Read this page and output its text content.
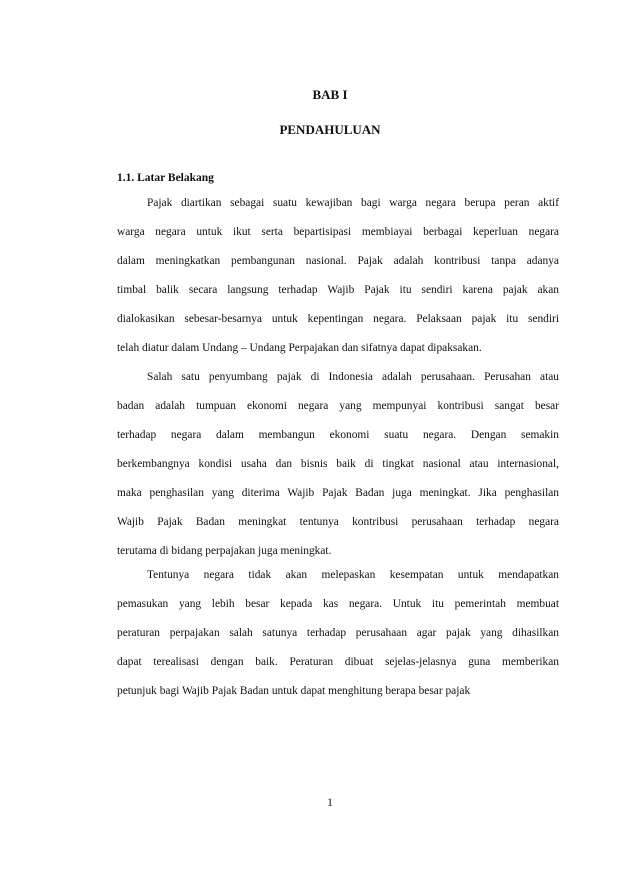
BAB I
PENDAHULUAN
1.1. Latar Belakang

Pajak diartikan sebagai suatu kewajiban bagi warga negara berupa peran aktif
warga negara untuk ikut serta bepartisipasi membiayai berbagai keperluan negara
dalam meningkatkan pembangunan nasional. Pajak adalah kontribusi tanpa adanya
timbal balik secara langsung terhadap Wajib Pajak itu sendiri karena pajak akan
dialokasikan sebesar-besarnya untuk kepentingan negara. Pelaksaan pajak itu sendiri
telah diatur dalam Undang – Undang Perpajakan dan sifatnya dapat dipaksakan.

Salah satu penyumbang pajak di Indonesia adalah perusahaan. Perusahan atau
badan adalah tumpuan ekonomi negara yang mempunyai kontribusi sangat besar
terhadap negara dalam membangun ekonomi suatu negara. Dengan semakin
berkembangnya kondisi usaha dan bisnis baik di tingkat nasional atau internasional,
maka penghasilan yang diterima Wajib Pajak Badan juga meningkat. Jika penghasilan
Wajib Pajak Badan meningkat tentunya kontribusi perusahaan terhadap negara
terutama di bidang perpajakan juga meningkat.

Tentunya negara tidak akan melepaskan kesempatan untuk mendapatkan
pemasukan yang lebih besar kepada kas negara. Untuk itu pemerintah membuat
peraturan perpajakan salah satunya terhadap perusahaan agar pajak yang dihasilkan
dapat terealisasi dengan baik. Peraturan dibuat sejelas-jelasnya guna memberikan
petunjuk bagi Wajib Pajak Badan untuk dapat menghitung berapa besar pajak

1
